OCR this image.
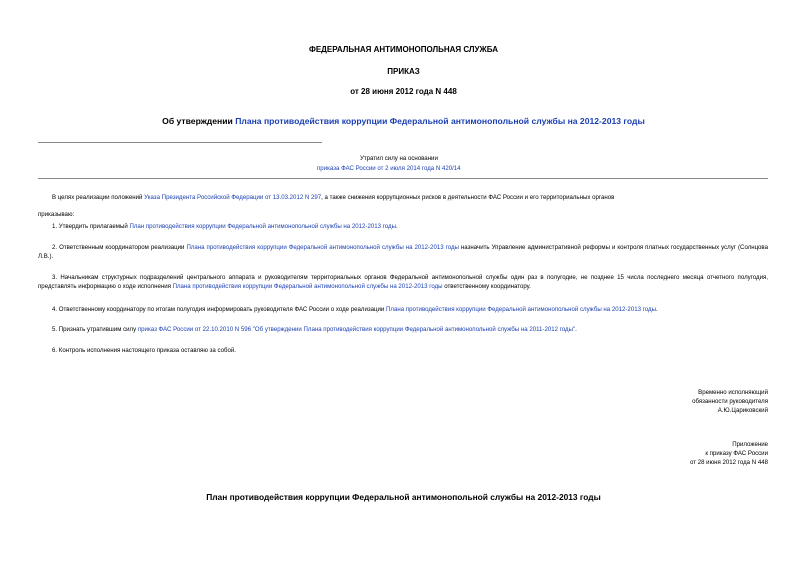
ФЕДЕРАЛЬНАЯ АНТИМОНОПОЛЬНАЯ СЛУЖБА
ПРИКАЗ
от 28 июня 2012 года N 448
Об утверждении Плана противодействия коррупции Федеральной антимонопольной службы на 2012-2013 годы
Утратил силу на основании
приказа ФАС России от 2 июля 2014 года N 420/14
В целях реализации положений Указа Президента Российской Федерации от 13.03.2012 N 297, а также снижения коррупционных рисков в деятельности ФАС России и его территориальных органов
приказываю:
1. Утвердить прилагаемый План противодействия коррупции Федеральной антимонопольной службы на 2012-2013 годы.
2. Ответственным координатором реализации Плана противодействия коррупции Федеральной антимонопольной службы на 2012-2013 годы назначить Управление административной реформы и контроля платных государственных услуг (Солнцова Л.В.).
3. Начальникам структурных подразделений центрального аппарата и руководителям территориальных органов Федеральной антимонопольной службы один раз в полугодие, не позднее 15 числа последнего месяца отчетного полугодия, представлять информацию о ходе исполнения Плана противодействия коррупции Федеральной антимонопольной службы на 2012-2013 годы ответственному координатору.
4. Ответственному координатору по итогам полугодия информировать руководителя ФАС России о ходе реализации Плана противодействия коррупции Федеральной антимонопольной службы на 2012-2013 годы.
5. Признать утратившим силу приказ ФАС России от 22.10.2010 N 596 "Об утверждении Плана противодействия коррупции Федеральной антимонопольной службы на 2011-2012 годы".
6. Контроль исполнения настоящего приказа оставляю за собой.
Временно исполняющий
обязанности руководителя
А.Ю.Цариковский
Приложение
к приказу ФАС России
от 28 июня 2012 года N 448
План противодействия коррупции Федеральной антимонопольной службы на 2012-2013 годы
